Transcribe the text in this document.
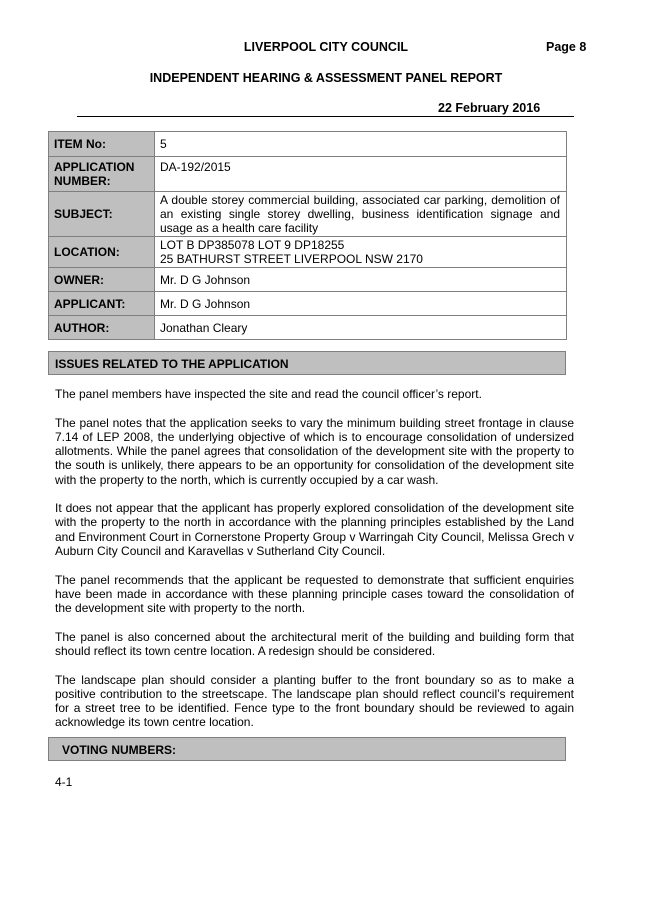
LIVERPOOL CITY COUNCIL	Page 8
INDEPENDENT HEARING & ASSESSMENT PANEL REPORT
22 February 2016
ITEM No:	5
APPLICATION NUMBER:	DA-192/2015
SUBJECT:	A double storey commercial building, associated car parking, demolition of an existing single storey dwelling, business identification signage and usage as a health care facility
LOCATION:	LOT B DP385078 LOT 9 DP18255
25 BATHURST STREET LIVERPOOL NSW 2170

OWNER:	Mr. D G Johnson
APPLICANT:	Mr. D G Johnson
AUTHOR:	Jonathan Cleary
ISSUES RELATED TO THE APPLICATION

The panel members have inspected the site and read the council officer’s report.

The panel notes that the application seeks to vary the minimum building street frontage in clause 7.14 of LEP 2008, the underlying objective of which is to encourage consolidation of undersized allotments. While the panel agrees that consolidation of the development site with the property to the south is unlikely, there appears to be an opportunity for consolidation of the development site with the property to the north, which is currently occupied by a car wash.

It does not appear that the applicant has properly explored consolidation of the development site with the property to the north in accordance with the planning principles established by the Land and Environment Court in Cornerstone Property Group v Warringah City Council, Melissa Grech v Auburn City Council and Karavellas v Sutherland City Council.

The panel recommends that the applicant be requested to demonstrate that sufficient enquiries have been made in accordance with these planning principle cases toward the consolidation of the development site with property to the north.

The panel is also concerned about the architectural merit of the building and building form that should reflect its town centre location. A redesign should be considered.

The landscape plan should consider a planting buffer to the front boundary so as to make a positive contribution to the streetscape. The landscape plan should reflect council’s requirement for a street tree to be identified. Fence type to the front boundary should be reviewed to again acknowledge its town centre location.

VOTING NUMBERS:
4-1
